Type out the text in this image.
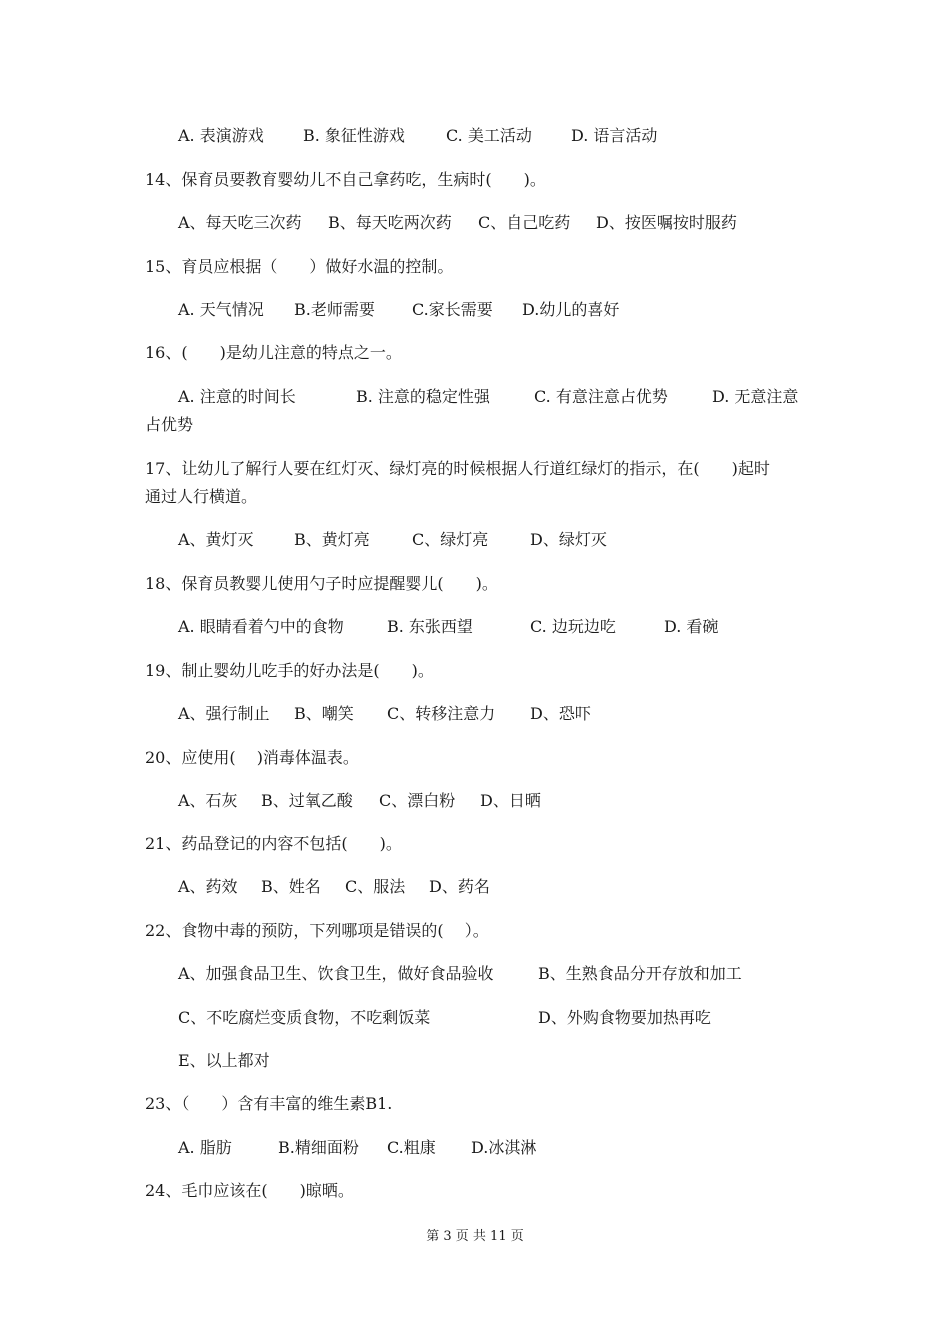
A. 表演游戏 B. 象征性游戏	C. 美工活动 D. 语言活动
14、保育员要教育婴幼儿不自己拿药吃，生病时(　　)。
A、每天吃三次药 B、每天吃两次药 C、自己吃药 D、按医嘱按时服药
15、育员应根据（　　）做好水温的控制。
A. 天气情况 B.老师需要 C.家长需要 D.幼儿的喜好
16、(　　)是幼儿注意的特点之一。
A. 注意的时间长	B. 注意的稳定性强	C. 有意注意占优势	D. 无意注意
占优势
17、让幼儿了解行人要在红灯灭、绿灯亮的时候根据人行道红绿灯的指示，在(　　)起时
通过人行横道。
A、黄灯灭	B、黄灯亮	C、绿灯亮	D、绿灯灭
18、保育员教婴儿使用勺子时应提醒婴儿(　　)。
A. 眼睛看着勺中的食物	B. 东张西望	C. 边玩边吃	D. 看碗
19、制止婴幼儿吃手的好办法是(　　)。
A、强行制止 B、嘲笑 C、转移注意力 D、恐吓
20、应使用(　 )消毒体温表。
A、石灰 B、过氧乙酸 C、漂白粉 D、日晒
21、药品登记的内容不包括(　　)。
A、药效 B、姓名 C、服法 D、药名
22、食物中毒的预防，下列哪项是错误的(　 ）。
A、加强食品卫生、饮食卫生，做好食品验收	B、生熟食品分开存放和加工
C、不吃腐烂变质食物，不吃剩饭菜	D、外购食物要加热再吃
E、以上都对
23、（　　）含有丰富的维生素B1.
A. 脂肪	B.精细面粉 C.粗康 D.冰淇淋
24、毛巾应该在(　　)晾晒。
第 3 页 共 11 页
